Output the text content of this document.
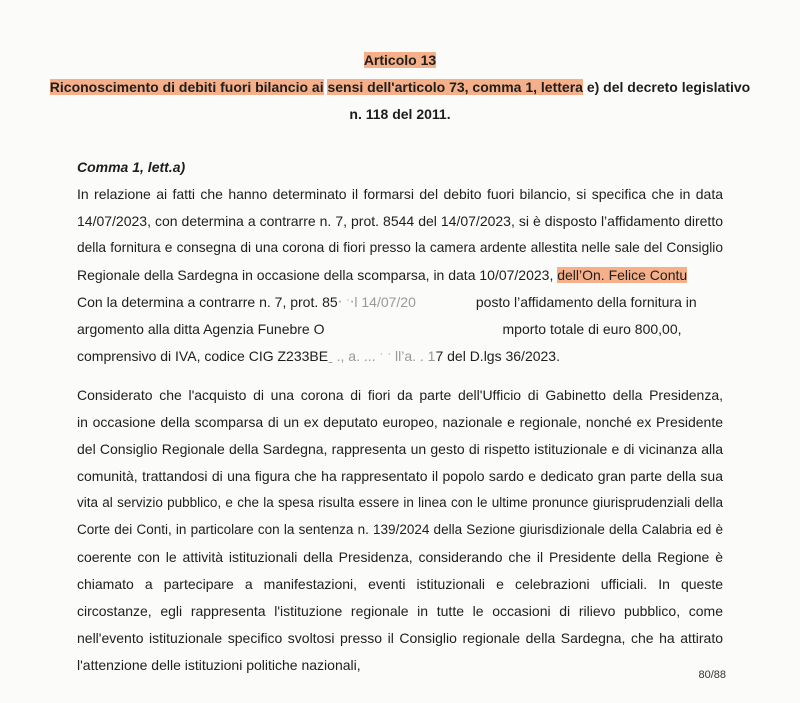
Articolo 13
Riconoscimento di debiti fuori bilancio ai sensi dell'articolo 73, comma 1, lettera e) del decreto legislativo
n. 118 del 2011.
Comma 1, lett.a)
In relazione ai fatti che hanno determinato il formarsi del debito fuori bilancio, si specifica che in data
14/07/2023, con determina a contrarre n. 7, prot. 8544 del 14/07/2023, si è disposto l’affidamento diretto
della fornitura e consegna di una corona di fiori presso la camera ardente allestita nelle sale del Consiglio
Regionale della Sardegna in occasione della scomparsa, in data 10/07/2023, dell’On. Felice Contu
Con la determina a contrarre n. 7, prot. 85‧ ˑ‧l 14/07/20	posto l’affidamento della fornitura in
argomento alla ditta Agenzia Funebre O	mporto totale di euro 800,00,
comprensivo di IVA, codice CIG Z233BEˍ ., a. ... ˑ ˑ ll’a. . 17 del D.lgs 36/2023.
Considerato che l'acquisto di una corona di fiori da parte dell'Ufficio di Gabinetto della Presidenza,
in occasione della scomparsa di un ex deputato europeo, nazionale e regionale, nonché ex Presidente
del Consiglio Regionale della Sardegna, rappresenta un gesto di rispetto istituzionale e di vicinanza alla
comunità, trattandosi di una figura che ha rappresentato il popolo sardo e dedicato gran parte della sua
vita al servizio pubblico, e che la spesa risulta essere in linea con le ultime pronunce giurisprudenziali della
Corte dei Conti, in particolare con la sentenza n. 139/2024 della Sezione giurisdizionale della Calabria ed è
coerente con le attività istituzionali della Presidenza, considerando che il Presidente della Regione è
chiamato a partecipare a manifestazioni, eventi istituzionali e celebrazioni ufficiali. In queste
circostanze, egli rappresenta l'istituzione regionale in tutte le occasioni di rilievo pubblico, come
nell'evento istituzionale specifico svoltosi presso il Consiglio regionale della Sardegna, che ha attirato
l'attenzione delle istituzioni politiche nazionali,
80/88
